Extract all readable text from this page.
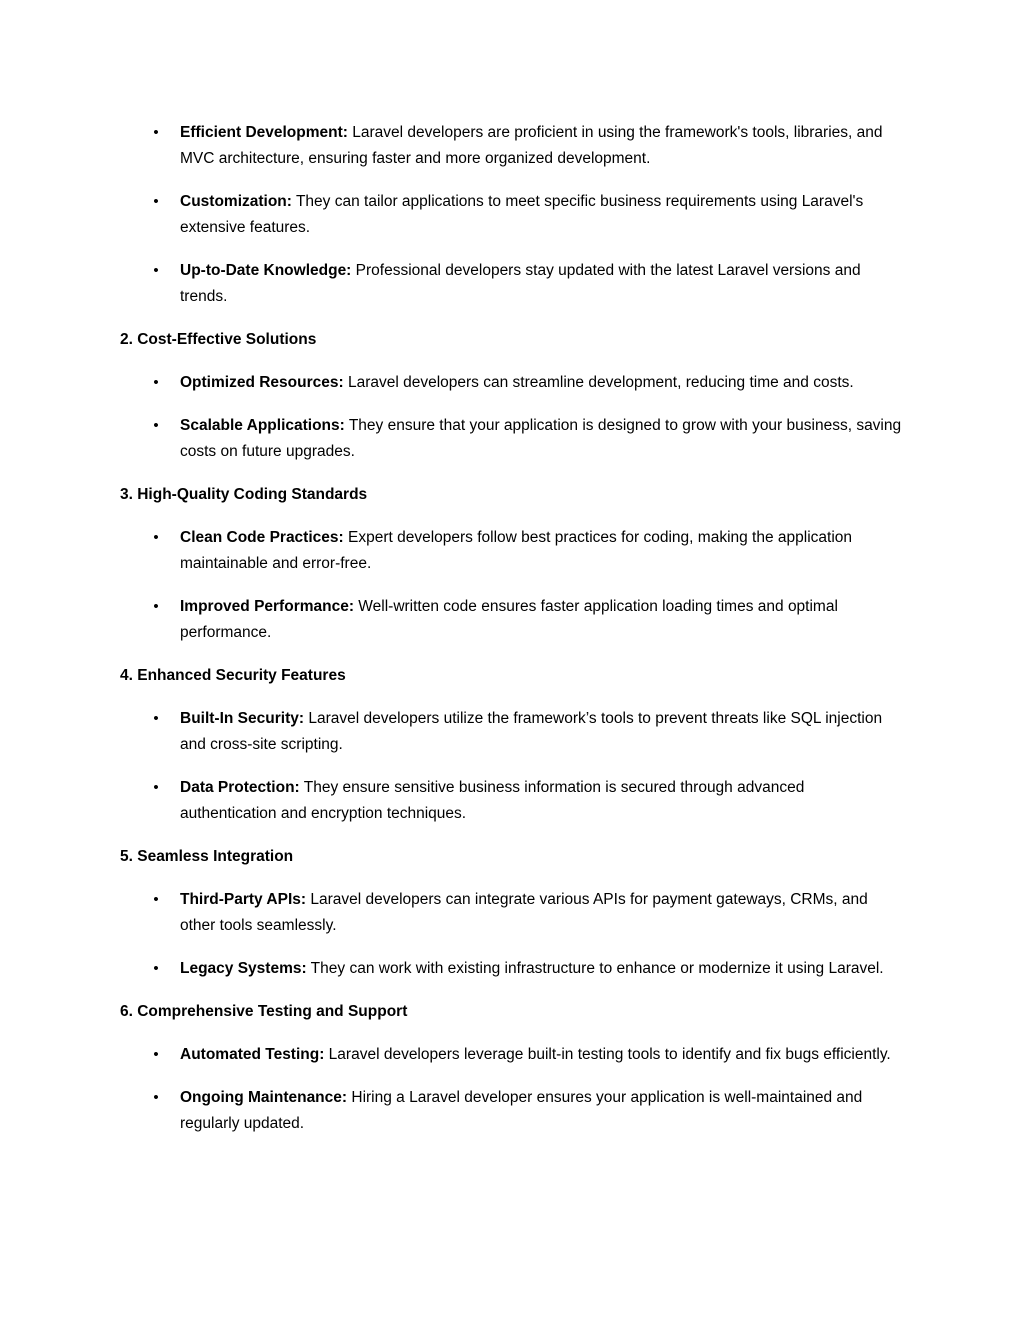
• Efficient Development: Laravel developers are proficient in using the framework's tools, libraries, and MVC architecture, ensuring faster and more organized development.
• Customization: They can tailor applications to meet specific business requirements using Laravel's extensive features.
• Up-to-Date Knowledge: Professional developers stay updated with the latest Laravel versions and trends.

2. Cost-Effective Solutions

• Optimized Resources: Laravel developers can streamline development, reducing time and costs.
• Scalable Applications: They ensure that your application is designed to grow with your business, saving costs on future upgrades.

3. High-Quality Coding Standards

• Clean Code Practices: Expert developers follow best practices for coding, making the application maintainable and error-free.
• Improved Performance: Well-written code ensures faster application loading times and optimal performance.

4. Enhanced Security Features

• Built-In Security: Laravel developers utilize the framework’s tools to prevent threats like SQL injection and cross-site scripting.
• Data Protection: They ensure sensitive business information is secured through advanced authentication and encryption techniques.

5. Seamless Integration

• Third-Party APIs: Laravel developers can integrate various APIs for payment gateways, CRMs, and other tools seamlessly.
• Legacy Systems: They can work with existing infrastructure to enhance or modernize it using Laravel.

6. Comprehensive Testing and Support

• Automated Testing: Laravel developers leverage built-in testing tools to identify and fix bugs efficiently.
• Ongoing Maintenance: Hiring a Laravel developer ensures your application is well-maintained and regularly updated.
